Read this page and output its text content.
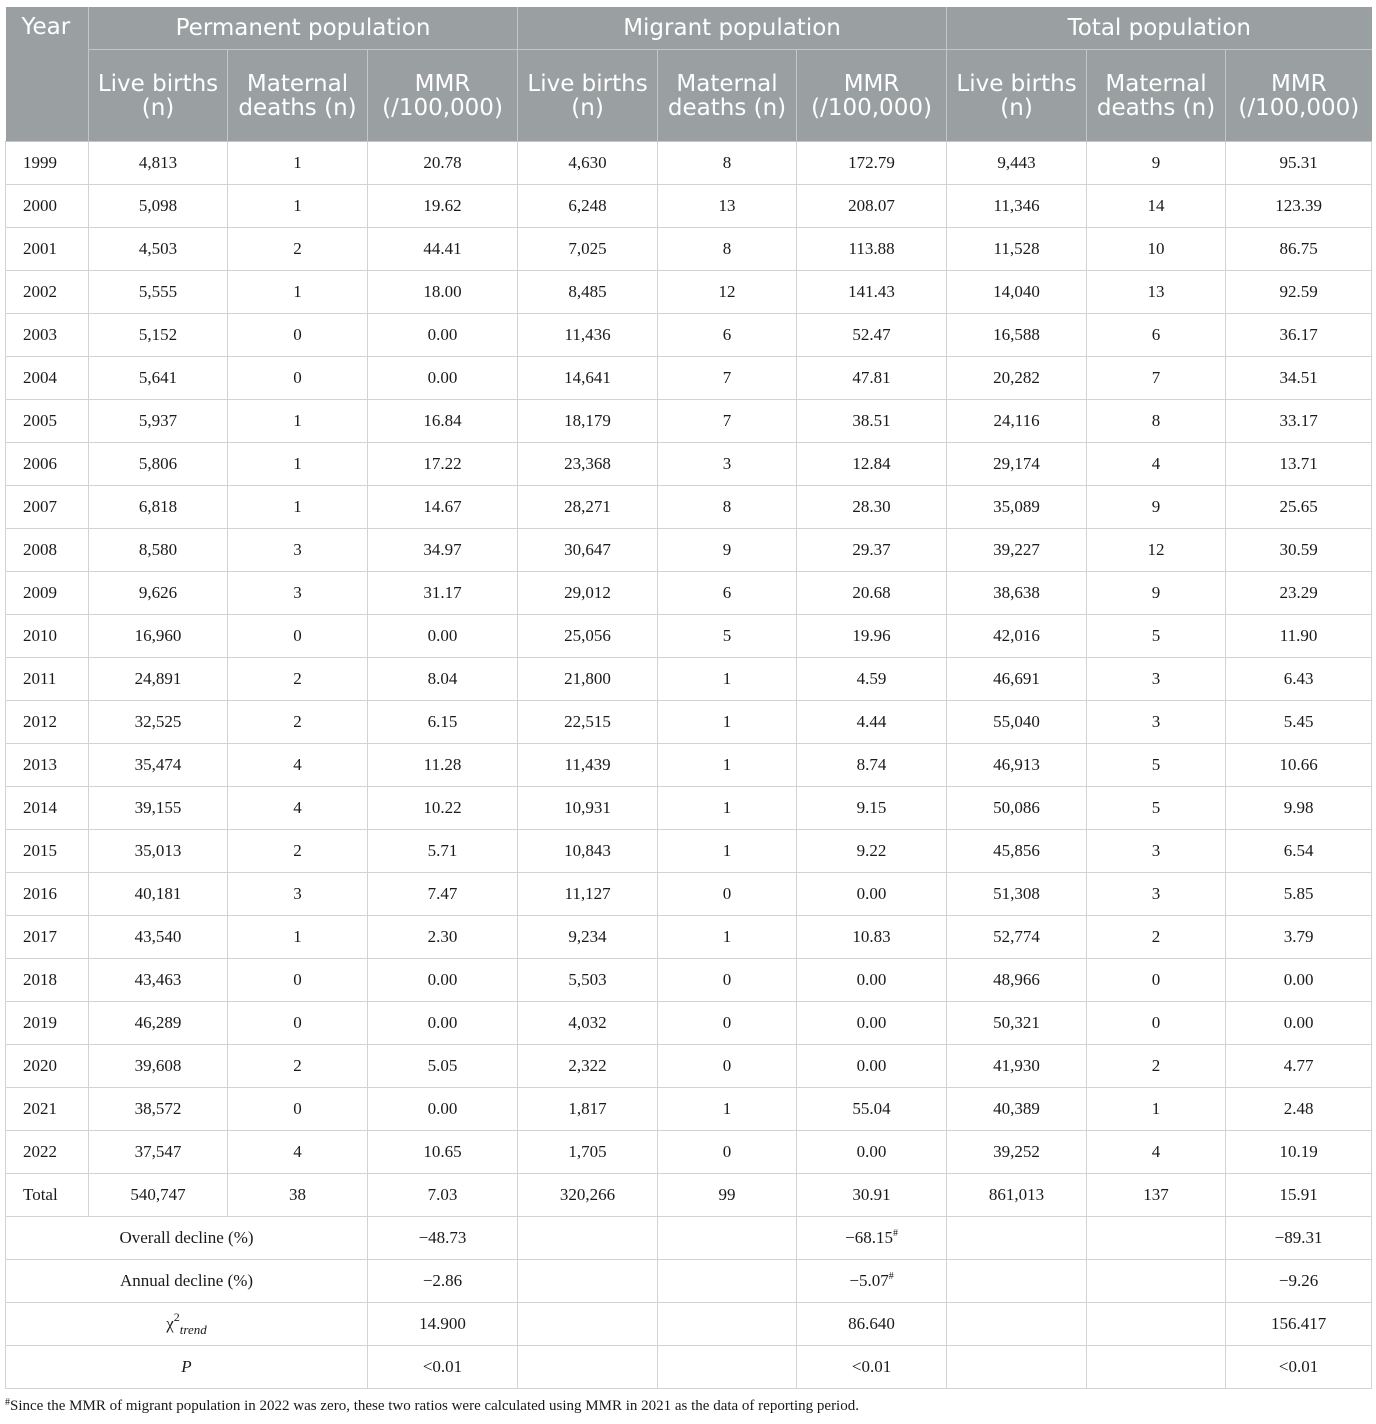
Year	Permanent population			Migrant population			Total population		
	Live births (n)	Maternal deaths (n)	MMR (/100,000)	Live births (n)	Maternal deaths (n)	MMR (/100,000)	Live births (n)	Maternal deaths (n)	MMR (/100,000)
1999	4,813	1	20.78	4,630	8	172.79	9,443	9	95.31
2000	5,098	1	19.62	6,248	13	208.07	11,346	14	123.39
2001	4,503	2	44.41	7,025	8	113.88	11,528	10	86.75
2002	5,555	1	18.00	8,485	12	141.43	14,040	13	92.59
2003	5,152	0	0.00	11,436	6	52.47	16,588	6	36.17
2004	5,641	0	0.00	14,641	7	47.81	20,282	7	34.51
2005	5,937	1	16.84	18,179	7	38.51	24,116	8	33.17
2006	5,806	1	17.22	23,368	3	12.84	29,174	4	13.71
2007	6,818	1	14.67	28,271	8	28.30	35,089	9	25.65
2008	8,580	3	34.97	30,647	9	29.37	39,227	12	30.59
2009	9,626	3	31.17	29,012	6	20.68	38,638	9	23.29
2010	16,960	0	0.00	25,056	5	19.96	42,016	5	11.90
2011	24,891	2	8.04	21,800	1	4.59	46,691	3	6.43
2012	32,525	2	6.15	22,515	1	4.44	55,040	3	5.45
2013	35,474	4	11.28	11,439	1	8.74	46,913	5	10.66
2014	39,155	4	10.22	10,931	1	9.15	50,086	5	9.98
2015	35,013	2	5.71	10,843	1	9.22	45,856	3	6.54
2016	40,181	3	7.47	11,127	0	0.00	51,308	3	5.85
2017	43,540	1	2.30	9,234	1	10.83	52,774	2	3.79
2018	43,463	0	0.00	5,503	0	0.00	48,966	0	0.00
2019	46,289	0	0.00	4,032	0	0.00	50,321	0	0.00
2020	39,608	2	5.05	2,322	0	0.00	41,930	2	4.77
2021	38,572	0	0.00	1,817	1	55.04	40,389	1	2.48
2022	37,547	4	10.65	1,705	0	0.00	39,252	4	10.19
Total	540,747	38	7.03	320,266	99	30.91	861,013	137	15.91
Overall decline (%)			−48.73			−68.15#			−89.31
Annual decline (%)			−2.86			−5.07#			−9.26
$\chi^2_{trend}$			14.900			86.640			156.417
P			<0.01			<0.01			<0.01
#Since the MMR of migrant population in 2022 was zero, these two ratios were calculated using MMR in 2021 as the data of reporting period.
